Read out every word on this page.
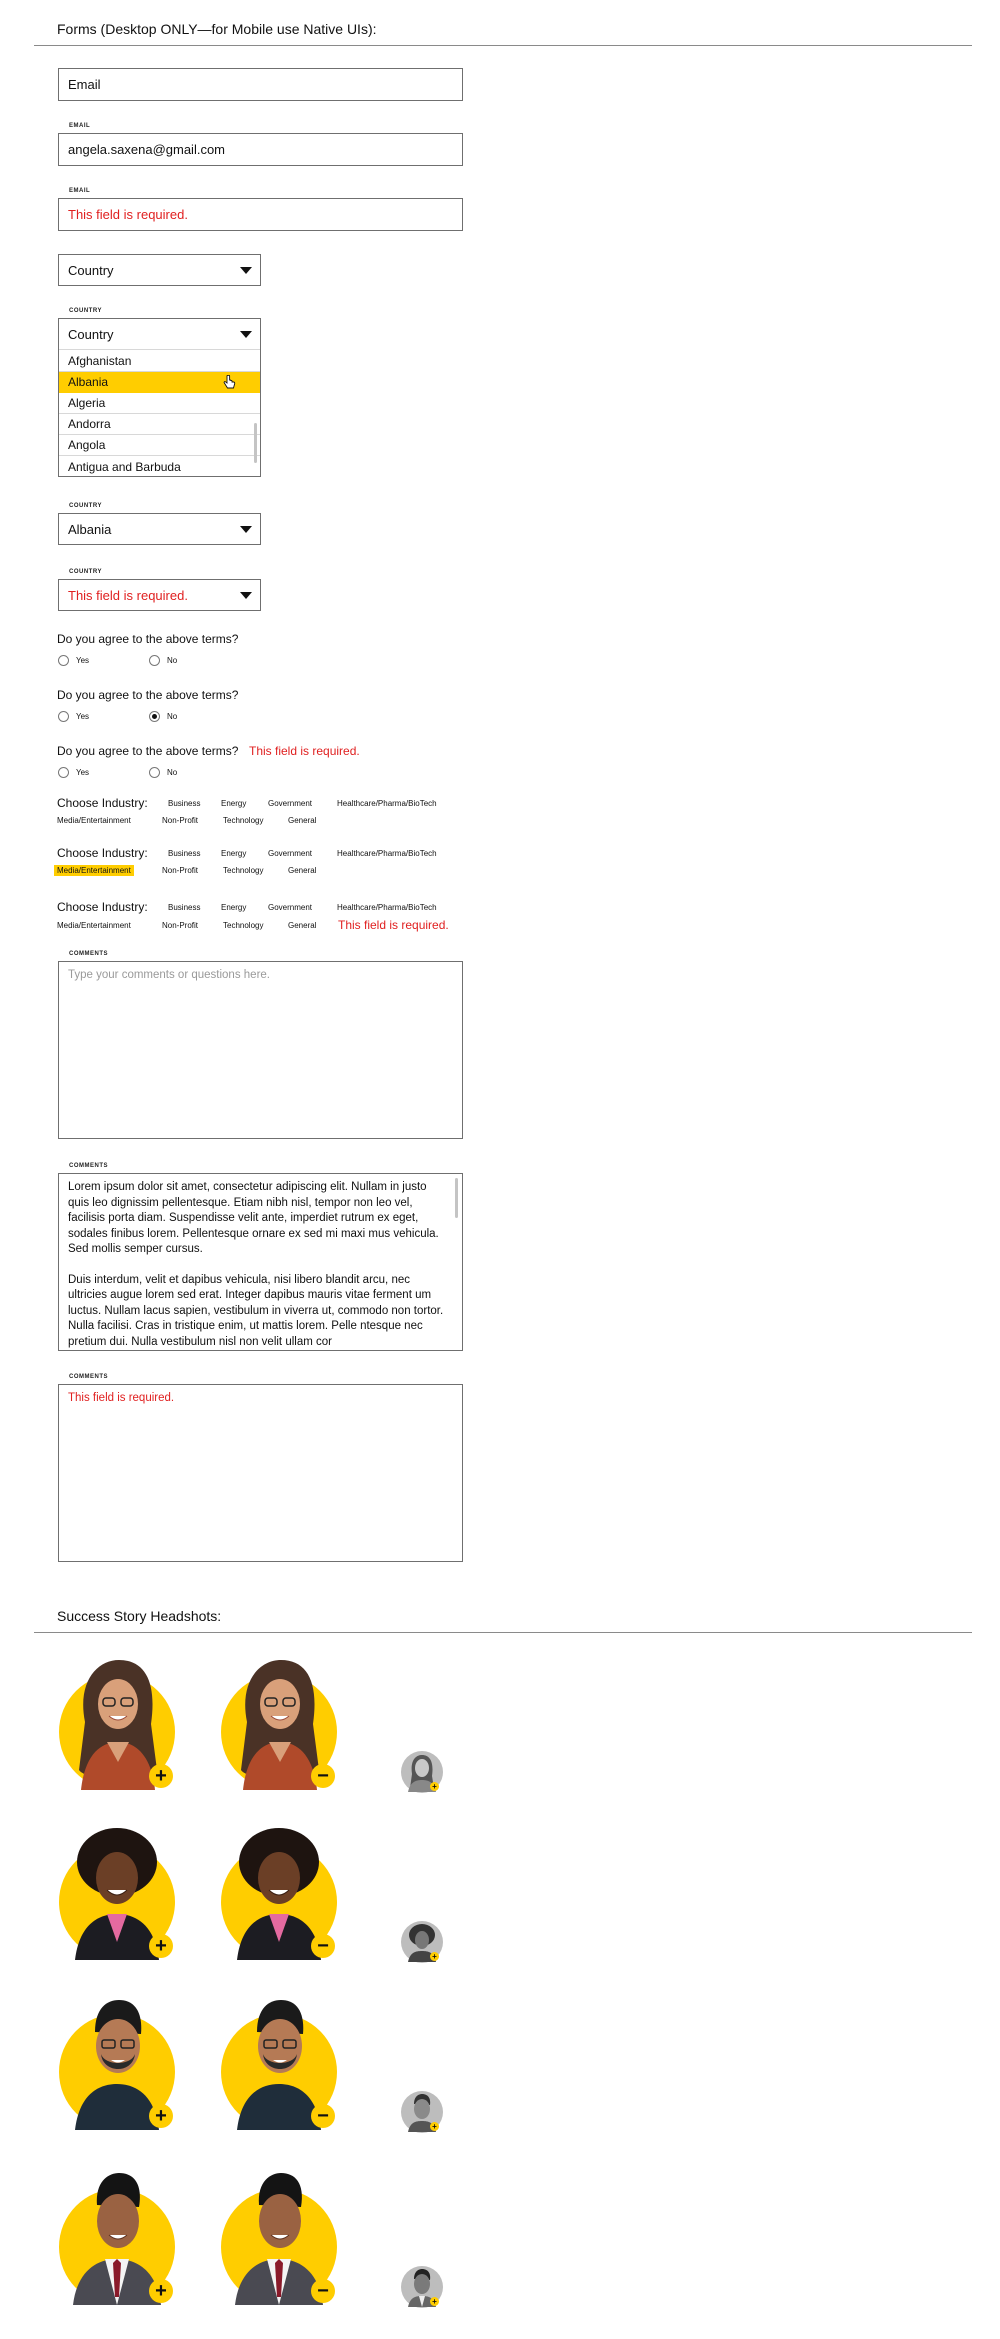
Forms (Desktop ONLY—for Mobile use Native UIs):
Email
EMAIL
angela.saxena@gmail.com
EMAIL
This field is required.
Country
COUNTRY
Country
Afghanistan
Albania
Algeria
Andorra
Angola
Antigua and Barbuda
COUNTRY
Albania
COUNTRY
This field is required.
Do you agree to the above terms?
Yes	No
Do you agree to the above terms?
Yes	No
Do you agree to the above terms? This field is required.
Yes	No
Choose Industry:	Business	Energy	Government	Healthcare/Pharma/BioTech
Media/Entertainment	Non-Profit	Technology	General
Choose Industry:	Business	Energy	Government	Healthcare/Pharma/BioTech
Media/Entertainment	Non-Profit	Technology	General
Choose Industry:	Business	Energy	Government	Healthcare/Pharma/BioTech
Media/Entertainment	Non-Profit	Technology	General This field is required.
COMMENTS
Type your comments or questions here.
COMMENTS

Lorem ipsum dolor sit amet, consectetur adipiscing elit. Nullam in justo quis leo dignissim pellentesque. Etiam nibh nisl, tempor non leo vel, facilisis porta diam. Suspendisse velit ante, imperdiet rutrum ex eget, sodales finibus lorem. Pellentesque ornare ex sed mi maxi mus vehicula. Sed mollis semper cursus.

Duis interdum, velit et dapibus vehicula, nisi libero blandit arcu, nec ultricies augue lorem sed erat. Integer dapibus mauris vitae ferment um luctus. Nullam lacus sapien, vestibulum in viverra ut, commodo non tortor. Nulla facilisi. Cras in tristique enim, ut mattis lorem. Pelle ntesque nec pretium dui. Nulla vestibulum nisl non velit ullam cor

COMMENTS
This field is required.
Success Story Headshots:
+	−	+
+	−	+
+	−	+
+	−	+
